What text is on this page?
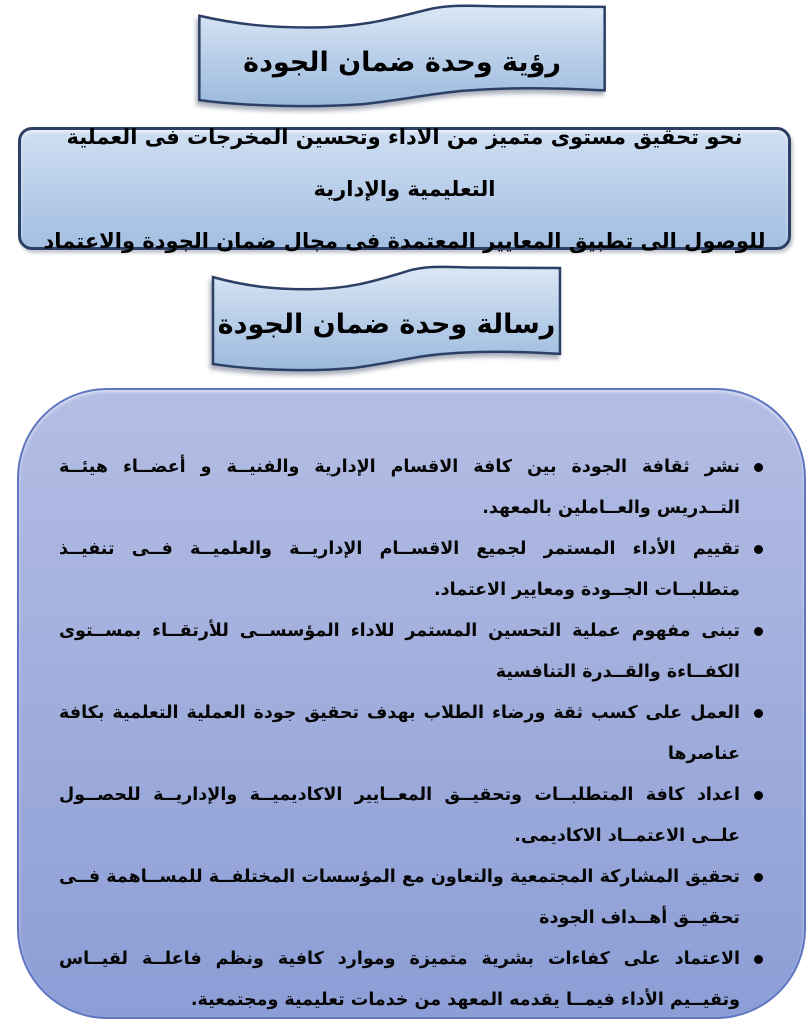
رؤية وحدة ضمان الجودة

نحو تحقيق مستوى متميز من الاداء وتحسين المخرجات فى العملية التعليمية والإدارية

للوصول الى تطبيق المعايير المعتمدة فى مجال ضمان الجودة والاعتماد

رسالة وحدة ضمان الجودة
نشر ثقافة الجودة بين كافة الاقسام الإدارية والفنيــة و أعضــاء هيئــة التــدريس والعــاملين بالمعهد.
تقييم الأداء المستمر لجميع الاقســام الإداريــة والعلميــة فــى تنفيــذ متطلبــات الجــودة ومعايير الاعتماد.
تبنى مفهوم عملية التحسين المستمر للاداء المؤسســى للأرتقــاء بمســتوى الكفــاءة والقــدرة التنافسية
العمل على كسب ثقة ورضاء الطلاب بهدف تحقيق جودة العملية التعلمية بكافة عناصرها
اعداد كافة المتطلبــات وتحقيــق المعــايير الاكاديميــة والإداريــة للحصــول علــى الاعتمــاد الاكاديمى.
تحقيق المشاركة المجتمعية والتعاون مع المؤسسات المختلفــة للمســاهمة فــى تحقيــق أهــداف الجودة
الاعتماد على كفاءات بشرية متميزة وموارد كافية ونظم فاعلــة لقيــاس وتقيــيم الأداء فيمــا يقدمه المعهد من خدمات تعليمية ومجتمعية.
